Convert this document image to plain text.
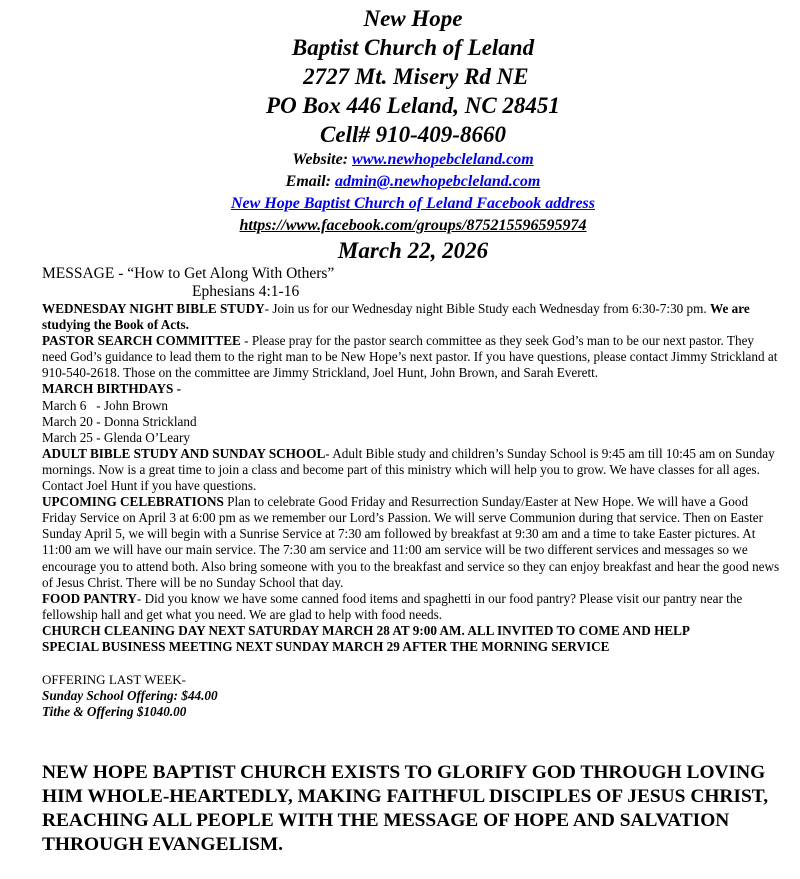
New Hope
Baptist Church of Leland
2727 Mt. Misery Rd NE
PO Box 446 Leland, NC 28451
Cell# 910-409-8660
Website: www.newhopebcleland.com
Email: admin@.newhopebcleland.com
New Hope Baptist Church of Leland Facebook address
https://www.facebook.com/groups/875215596595974
March 22, 2026
MESSAGE - “How to Get Along With Others”
Ephesians 4:1-16
WEDNESDAY NIGHT BIBLE STUDY- Join us for our Wednesday night Bible Study each Wednesday from 6:30-7:30 pm. We are studying the Book of Acts.
PASTOR SEARCH COMMITTEE - Please pray for the pastor search committee as they seek God’s man to be our next pastor. They need God’s guidance to lead them to the right man to be New Hope’s next pastor. If you have questions, please contact Jimmy Strickland at 910-540-2618. Those on the committee are Jimmy Strickland, Joel Hunt, John Brown, and Sarah Everett.
MARCH BIRTHDAYS -
March 6   - John Brown
March 20 - Donna Strickland
March 25 - Glenda O’Leary
ADULT BIBLE STUDY AND SUNDAY SCHOOL- Adult Bible study and children’s Sunday School is 9:45 am till 10:45 am on Sunday mornings. Now is a great time to join a class and become part of this ministry which will help you to grow. We have classes for all ages. Contact Joel Hunt if you have questions.
UPCOMING CELEBRATIONS Plan to celebrate Good Friday and Resurrection Sunday/Easter at New Hope. We will have a Good Friday Service on April 3 at 6:00 pm as we remember our Lord’s Passion. We will serve Communion during that service. Then on Easter Sunday April 5, we will begin with a Sunrise Service at 7:30 am followed by breakfast at 9:30 am and a time to take Easter pictures. At 11:00 am we will have our main service. The 7:30 am service and 11:00 am service will be two different services and messages so we encourage you to attend both. Also bring someone with you to the breakfast and service so they can enjoy breakfast and hear the good news of Jesus Christ. There will be no Sunday School that day.
FOOD PANTRY- Did you know we have some canned food items and spaghetti in our food pantry? Please visit our pantry near the fellowship hall and get what you need. We are glad to help with food needs.
CHURCH CLEANING DAY NEXT SATURDAY MARCH 28 AT 9:00 AM. ALL INVITED TO COME AND HELP
SPECIAL BUSINESS MEETING NEXT SUNDAY MARCH 29 AFTER THE MORNING SERVICE
OFFERING LAST WEEK-
Sunday School Offering: $44.00
Tithe & Offering $1040.00
NEW HOPE BAPTIST CHURCH EXISTS TO GLORIFY GOD THROUGH LOVING HIM WHOLE-HEARTEDLY, MAKING FAITHFUL DISCIPLES OF JESUS CHRIST, REACHING ALL PEOPLE WITH THE MESSAGE OF HOPE AND SALVATION THROUGH EVANGELISM.
